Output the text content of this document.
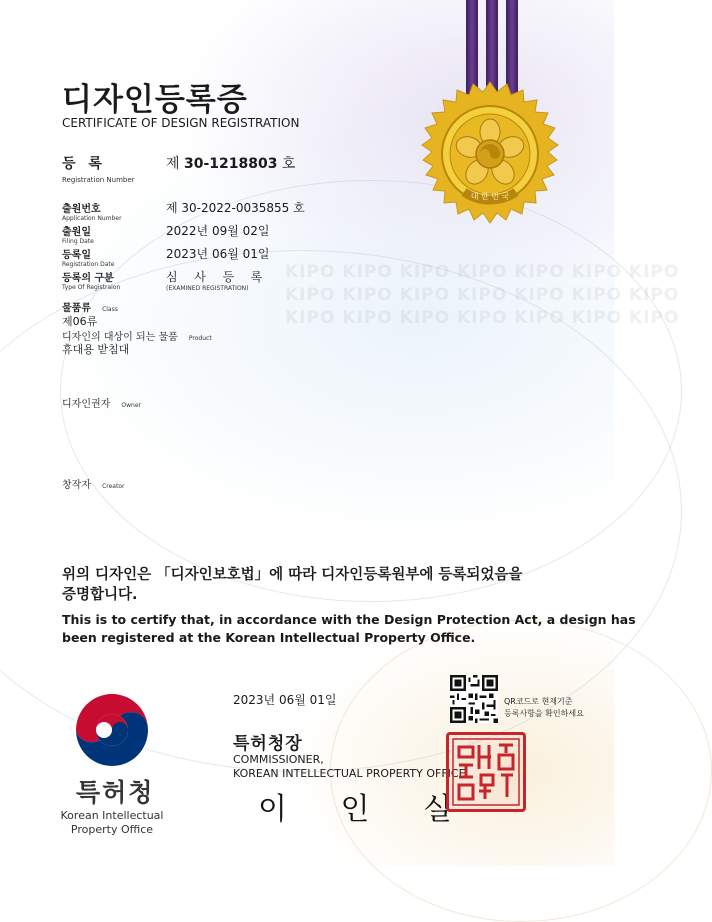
KIPO KIPO KIPO KIPO KIPO KIPO KIPO
KIPO KIPO KIPO KIPO KIPO KIPO KIPO
KIPO KIPO KIPO KIPO KIPO KIPO KIPO
대 한 민 국
디자인등록증
CERTIFICATE OF DESIGN REGISTRATION
등 록
Registration Number
제 30-1218803 호
출원번호
Application Number
제 30-2022-0035855 호
출원일
Filing Date
2022년 09월 02일
등록일
Registration Date
2023년 06월 01일
등록의 구분
Type Of Registraion
심  사  등  록
(EXAMINED REGISTRATION)
물품류 Class
제06류
디자인의 대상이 되는 물품 Product
휴대용 받침대
디자인권자 Owner
창작자 Creator
위의 디자인은 「디자인보호법」에 따라 디자인등록원부에 등록되었음을
증명합니다.
This is to certify that, in accordance with the Design Protection Act, a design has
been registered at the Korean Intellectual Property Office.
2023년 06월 01일	QR코드로 현재기준
등록사항을 확인하세요
특허청장
COMMISSIONER,
KOREAN INTELLECTUAL PROPERTY OFFICE
이 인 실
특허청
Korean Intellectual
Property Office
